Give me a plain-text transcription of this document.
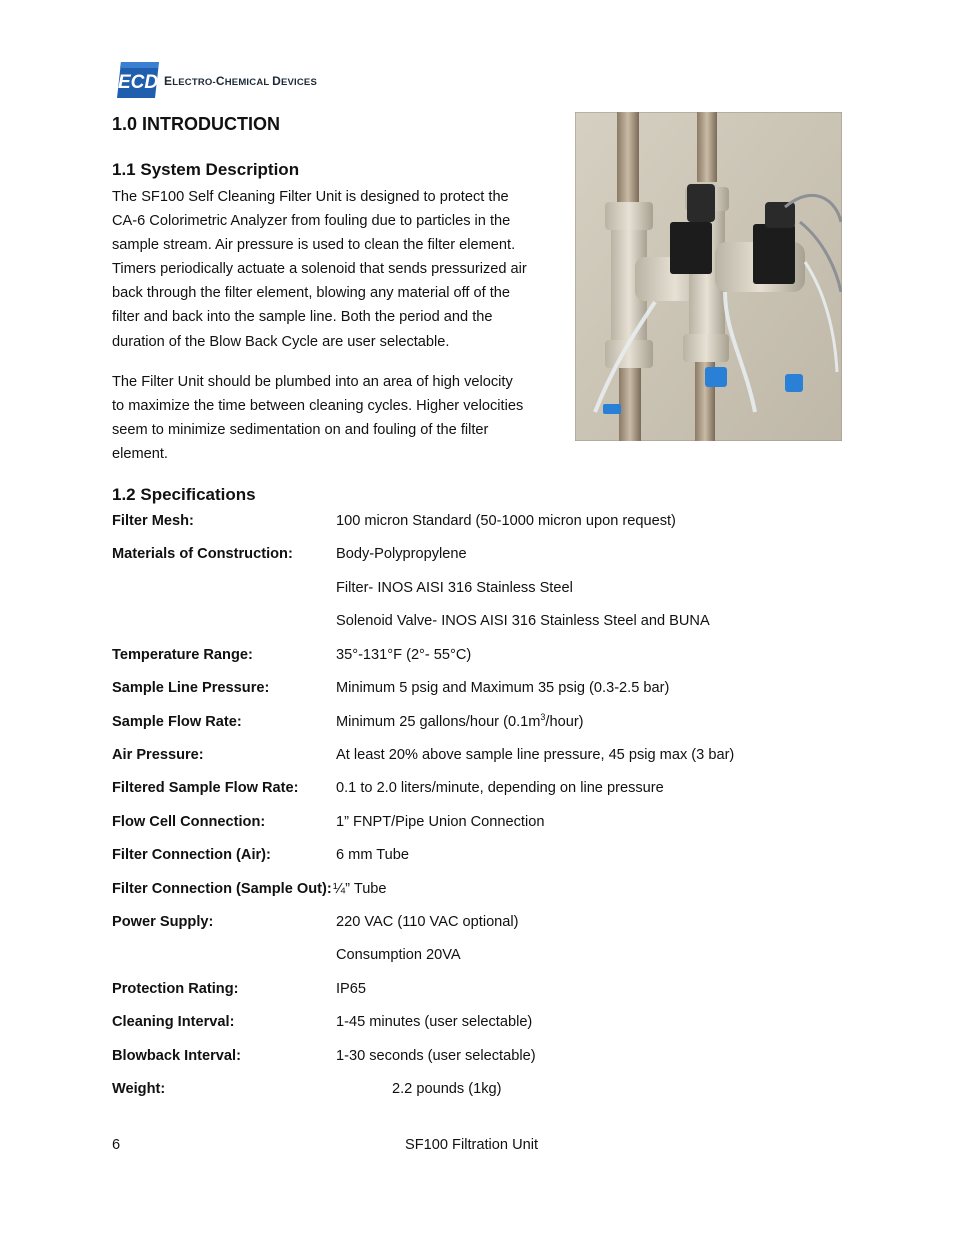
ECD ELECTRO-CHEMICAL DEVICES
1.0 INTRODUCTION
1.1 System Description
The SF100 Self Cleaning Filter Unit is designed to protect the
CA-6 Colorimetric Analyzer from fouling due to particles in the
sample stream. Air pressure is used to clean the filter element.
Timers periodically actuate a solenoid that sends pressurized air
back through the filter element, blowing any material off of the
filter and back into the sample line. Both the period and the
duration of the Blow Back Cycle are user selectable.
The Filter Unit should be plumbed into an area of high velocity
to maximize the time between cleaning cycles. Higher velocities
seem to minimize sedimentation on and fouling of the filter
element.
1.2 Specifications
Filter Mesh:	100 micron Standard (50-1000 micron upon request)
Materials of Construction:	Body-Polypropylene
Filter- INOS AISI 316 Stainless Steel
Solenoid Valve- INOS AISI 316 Stainless Steel and BUNA
Temperature Range:	35°-131°F (2°- 55°C)
Sample Line Pressure:	Minimum 5 psig and Maximum 35 psig (0.3-2.5 bar)
Sample Flow Rate:	Minimum 25 gallons/hour $(0.1m^3/hour)$
Air Pressure:	At least 20% above sample line pressure, 45 psig max (3 bar)
Filtered Sample Flow Rate:	0.1 to 2.0 liters/minute, depending on line pressure
Flow Cell Connection:	1” FNPT/Pipe Union Connection
Filter Connection (Air):	6 mm Tube
Filter Connection (Sample Out): ¼” Tube
Power Supply:	220 VAC (110 VAC optional)
Consumption 20VA
Protection Rating:	IP65
Cleaning Interval:	1-45 minutes (user selectable)
Blowback Interval:	1-30 seconds (user selectable)
Weight:	2.2 pounds (1kg)
6	SF100 Filtration Unit
